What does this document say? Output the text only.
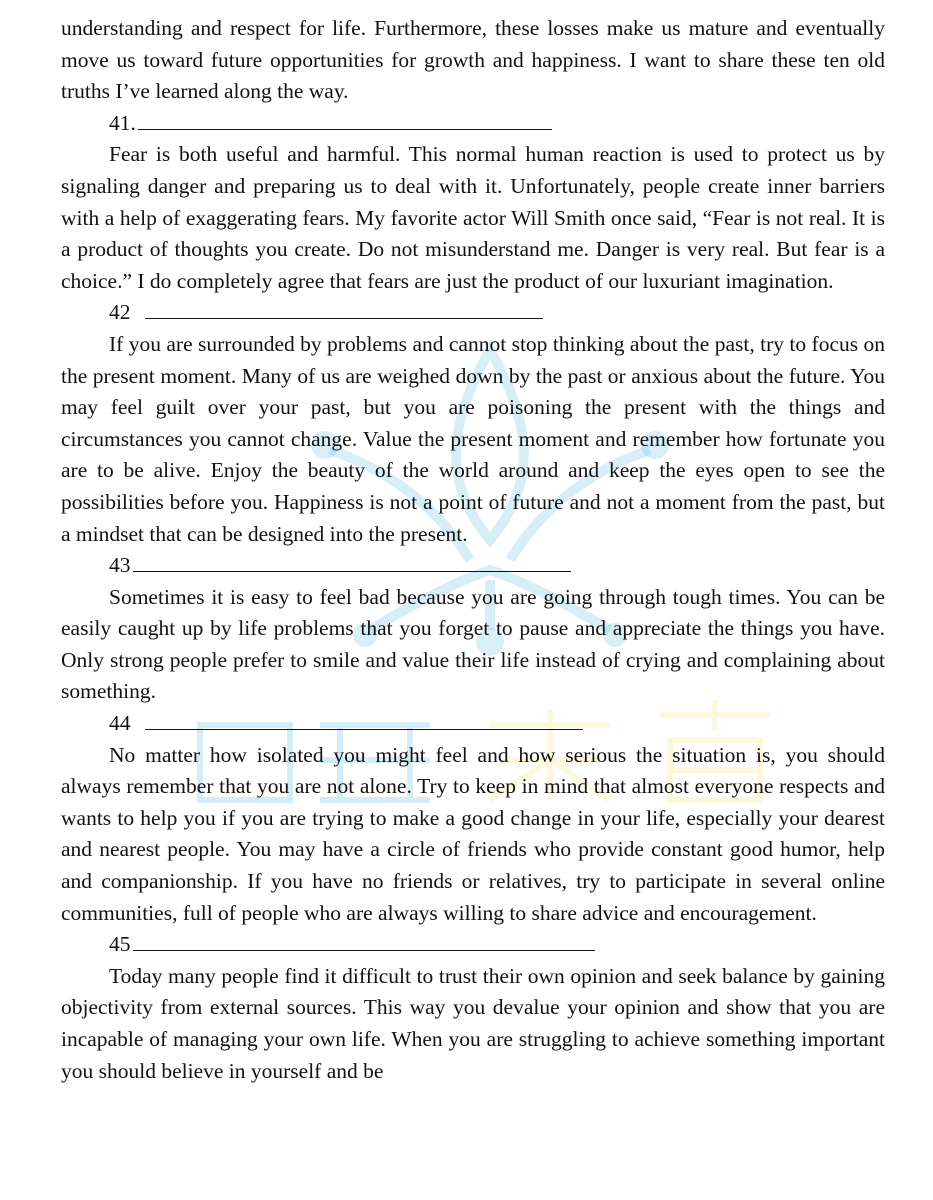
understanding and respect for life. Furthermore, these losses make us mature and eventually move us toward future opportunities for growth and happiness. I want to share these ten old truths I’ve learned along the way.

41.

Fear is both useful and harmful. This normal human reaction is used to protect us by signaling danger and preparing us to deal with it. Unfortunately, people create inner barriers with a help of exaggerating fears. My favorite actor Will Smith once said, “Fear is not real. It is a product of thoughts you create. Do not misunderstand me. Danger is very real. But fear is a choice.” I do completely agree that fears are just the product of our luxuriant imagination.

42

If you are surrounded by problems and cannot stop thinking about the past, try to focus on the present moment. Many of us are weighed down by the past or anxious about the future. You may feel guilt over your past, but you are poisoning the present with the things and circumstances you cannot change. Value the present moment and remember how fortunate you are to be alive. Enjoy the beauty of the world around and keep the eyes open to see the possibilities before you. Happiness is not a point of future and not a moment from the past, but a mindset that can be designed into the present.

43

Sometimes it is easy to feel bad because you are going through tough times. You can be easily caught up by life problems that you forget to pause and appreciate the things you have. Only strong people prefer to smile and value their life instead of crying and complaining about something.

44

No matter how isolated you might feel and how serious the situation is, you should always remember that you are not alone. Try to keep in mind that almost everyone respects and wants to help you if you are trying to make a good change in your life, especially your dearest and nearest people. You may have a circle of friends who provide constant good humor, help and companionship. If you have no friends or relatives, try to participate in several online communities, full of people who are always willing to share advice and encouragement.

45

Today many people find it difficult to trust their own opinion and seek balance by gaining objectivity from external sources. This way you devalue your opinion and show that you are incapable of managing your own life. When you are struggling to achieve something important you should believe in yourself and be
